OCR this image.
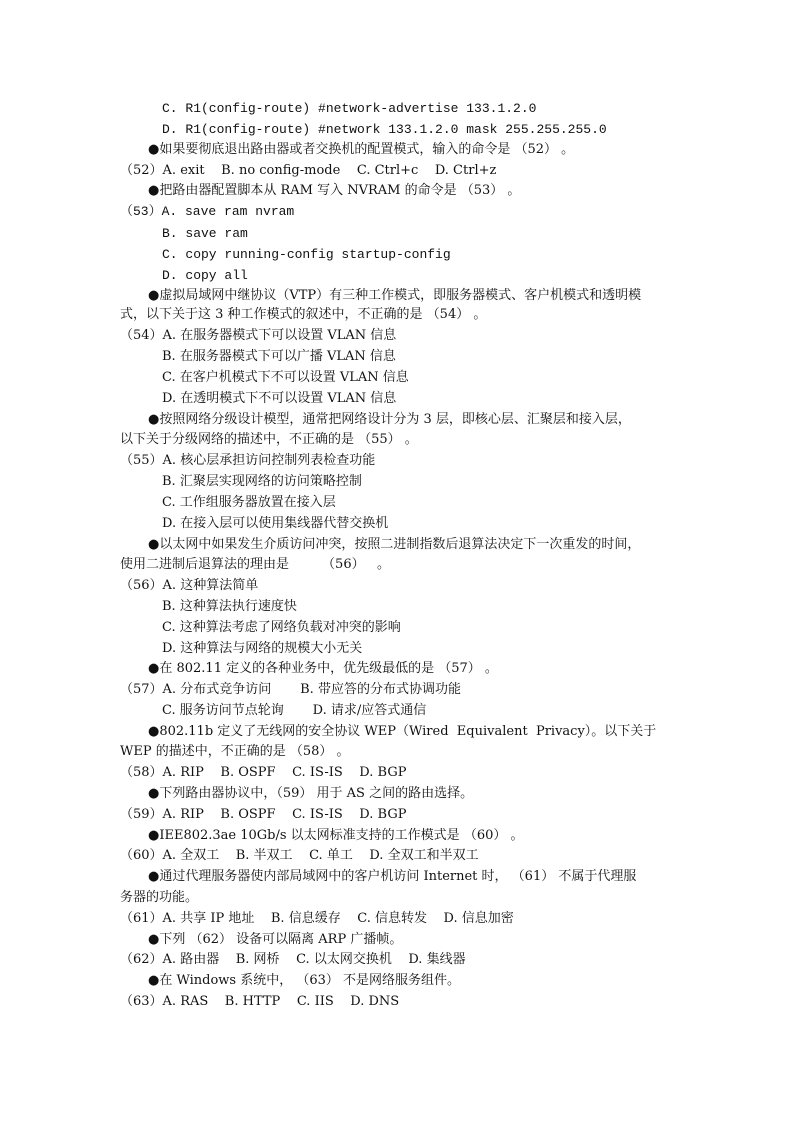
C. R1(config-route) #network-advertise 133.1.2.0
D. R1(config-route) #network 133.1.2.0 mask 255.255.255.0
●如果要彻底退出路由器或者交换机的配置模式，输入的命令是 （52） 。
（52）A. exit    B. no config-mode    C. Ctrl+c    D. Ctrl+z
●把路由器配置脚本从 RAM 写入 NVRAM 的命令是 （53） 。
（53）A. save ram nvram
B. save ram
C. copy running-config startup-config
D. copy all
●虚拟局域网中继协议（VTP）有三种工作模式，即服务器模式、客户机模式和透明模
式，以下关于这 3 种工作模式的叙述中，不正确的是 （54） 。
（54）A. 在服务器模式下可以设置 VLAN 信息
B. 在服务器模式下可以广播 VLAN 信息
C. 在客户机模式下不可以设置 VLAN 信息
D. 在透明模式下不可以设置 VLAN 信息
●按照网络分级设计模型，通常把网络设计分为 3 层，即核心层、汇聚层和接入层，
以下关于分级网络的描述中，不正确的是 （55） 。
（55）A. 核心层承担访问控制列表检查功能
B. 汇聚层实现网络的访问策略控制
C. 工作组服务器放置在接入层
D. 在接入层可以使用集线器代替交换机
●以太网中如果发生介质访问冲突，按照二进制指数后退算法决定下一次重发的时间，
使用二进制后退算法的理由是        （56）   。
（56）A. 这种算法简单
B. 这种算法执行速度快
C. 这种算法考虑了网络负载对冲突的影响
D. 这种算法与网络的规模大小无关
●在 802.11 定义的各种业务中，优先级最低的是 （57） 。
（57）A. 分布式竞争访问       B. 带应答的分布式协调功能
C. 服务访问节点轮询       D. 请求/应答式通信
●802.11b 定义了无线网的安全协议 WEP（Wired  Equivalent  Privacy）。以下关于
WEP 的描述中，不正确的是 （58） 。
（58）A. RIP    B. OSPF    C. IS-IS    D. BGP
●下列路由器协议中，（59） 用于 AS 之间的路由选择。
（59）A. RIP    B. OSPF    C. IS-IS    D. BGP
●IEE802.3ae 10Gb/s 以太网标准支持的工作模式是 （60） 。
（60）A. 全双工    B. 半双工    C. 单工    D. 全双工和半双工
●通过代理服务器使内部局域网中的客户机访问 Internet 时， （61） 不属于代理服
务器的功能。
（61）A. 共享 IP 地址    B. 信息缓存    C. 信息转发    D. 信息加密
●下列 （62） 设备可以隔离 ARP 广播帧。
（62）A. 路由器    B. 网桥    C. 以太网交换机    D. 集线器
●在 Windows 系统中， （63） 不是网络服务组件。
（63）A. RAS    B. HTTP    C. IIS    D. DNS
